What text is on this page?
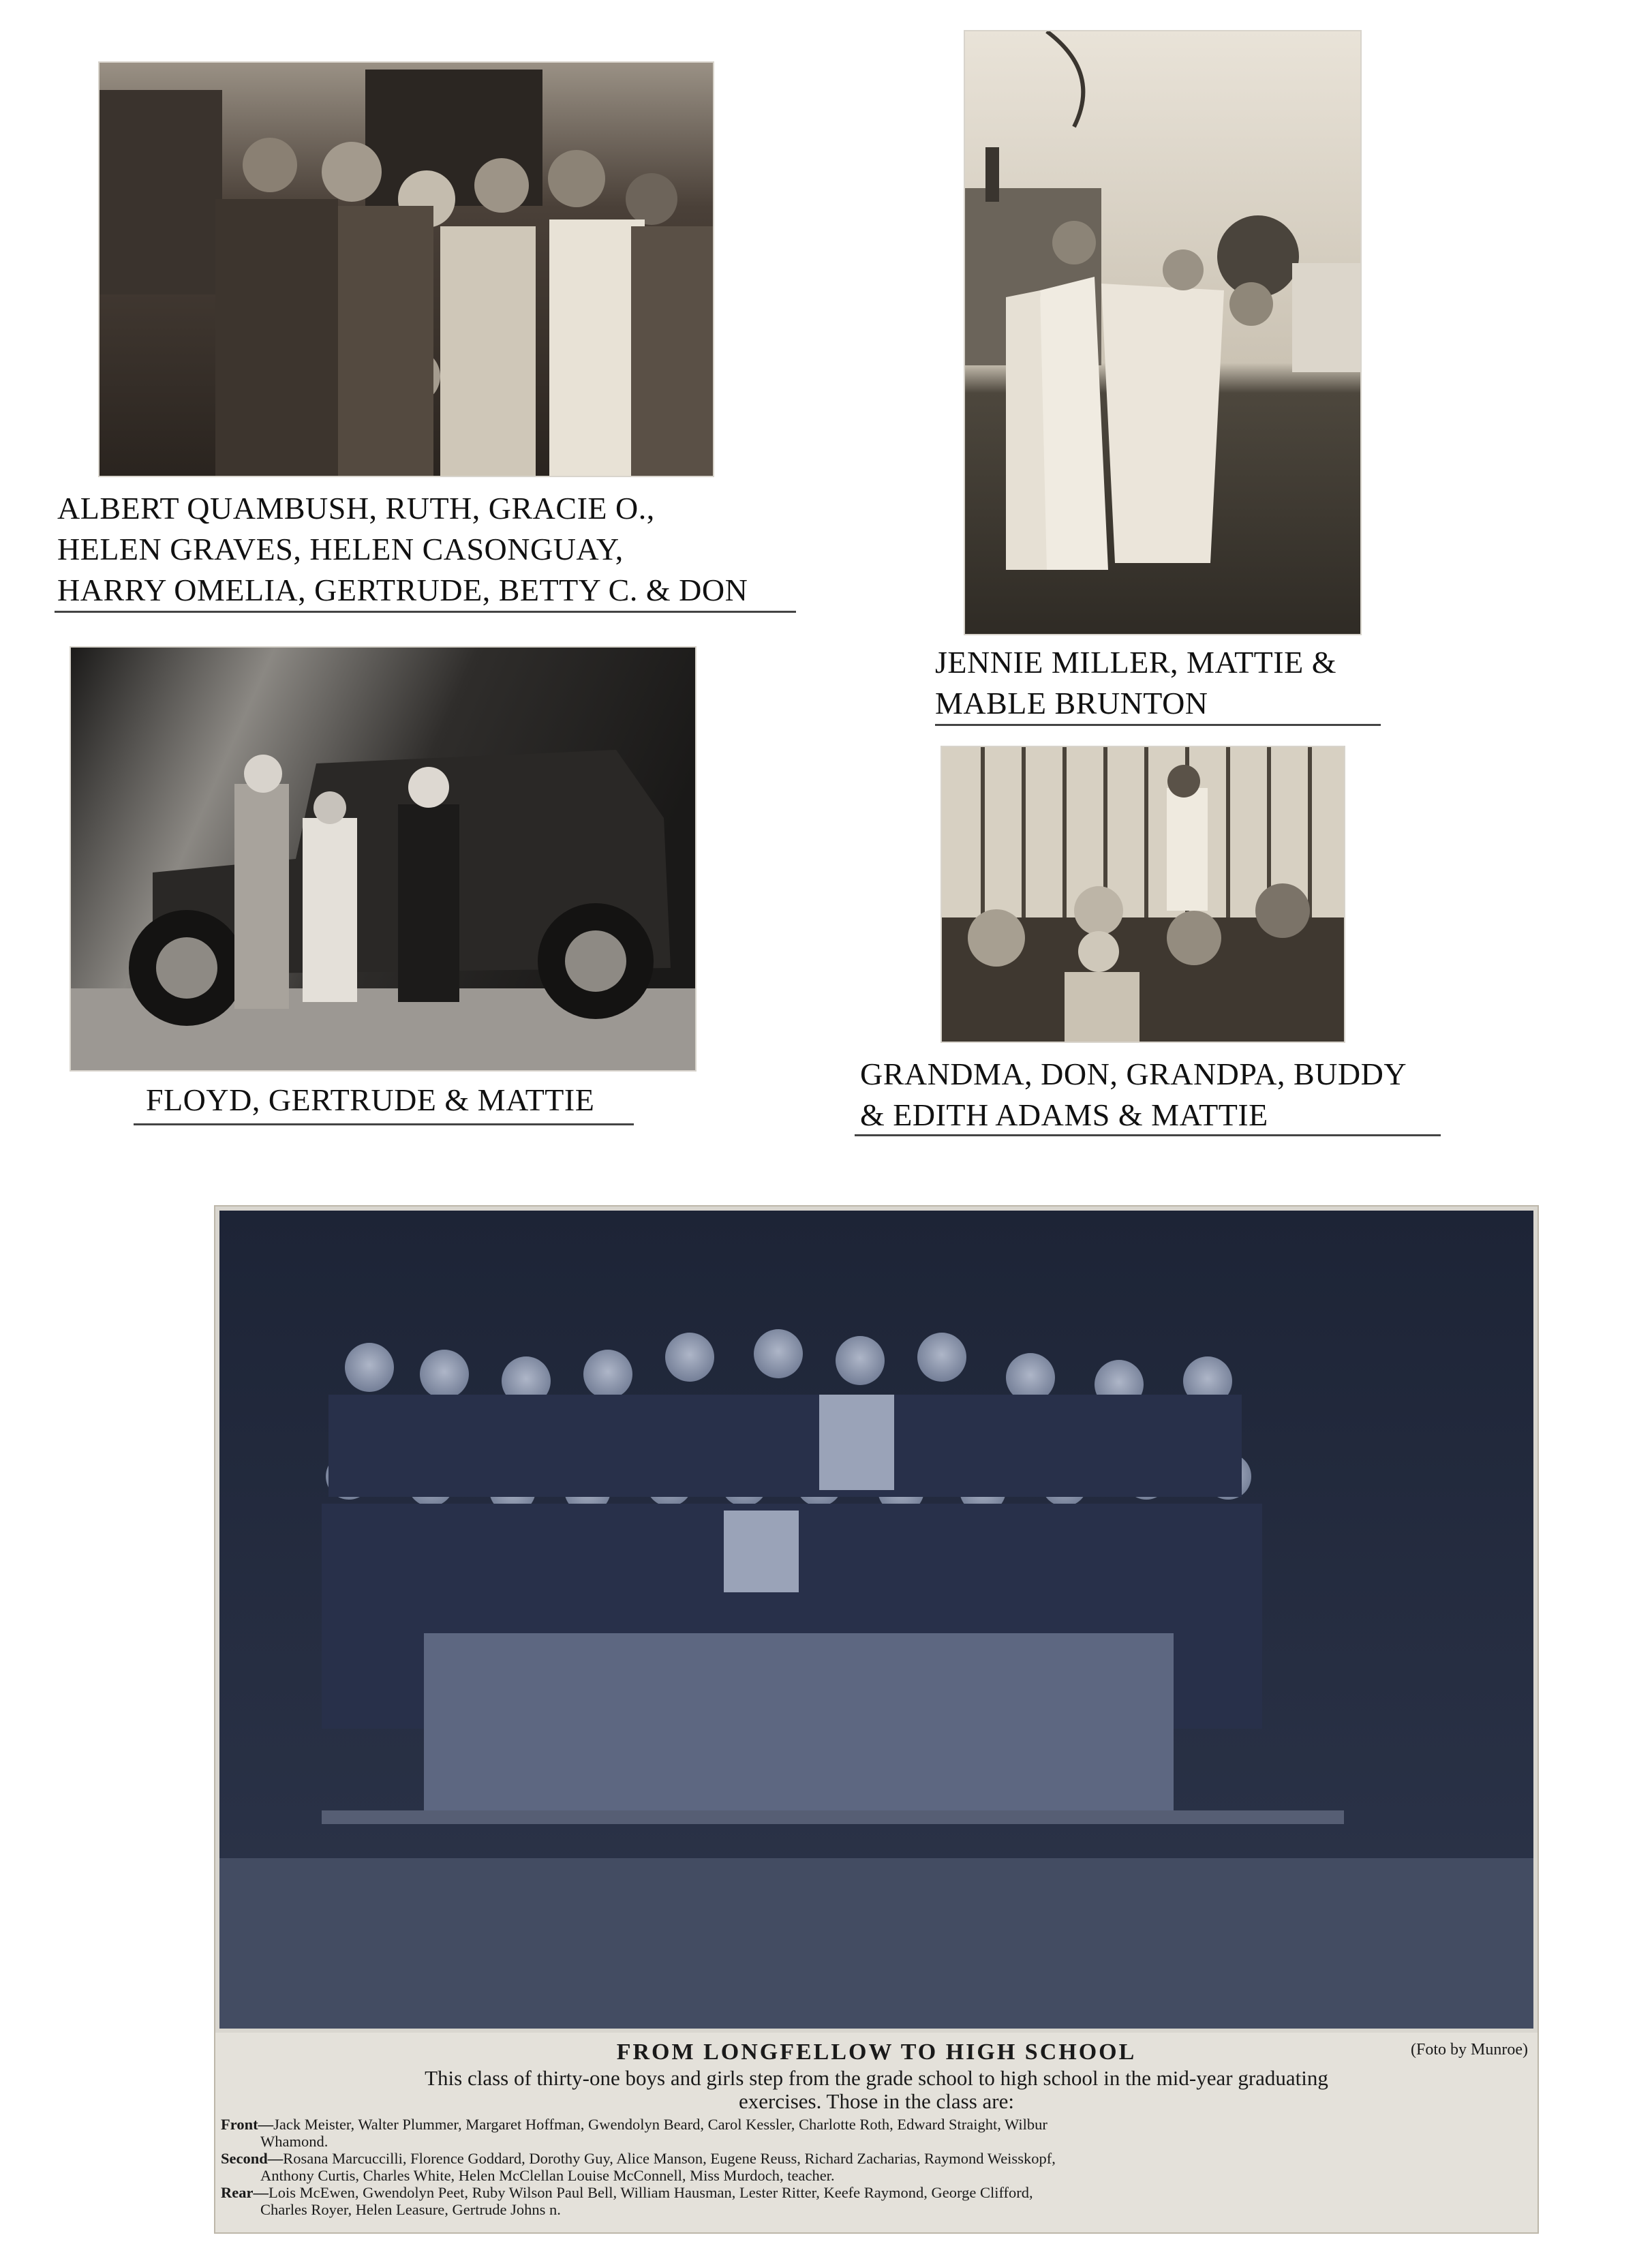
ALBERT QUAMBUSH, RUTH, GRACIE O.,
HELEN GRAVES, HELEN CASONGUAY,
HARRY OMELIA, GERTRUDE, BETTY C. & DON
JENNIE MILLER, MATTIE &
MABLE BRUNTON
FLOYD, GERTRUDE & MATTIE
GRANDMA, DON, GRANDPA, BUDDY
& EDITH ADAMS & MATTIE
FROM LONGFELLOW TO HIGH SCHOOL	(Foto by Munroe)
This class of thirty-one boys and girls step from the grade school to high school in the mid-year graduating
exercises. Those in the class are:
Front—Jack Meister, Walter Plummer, Margaret Hoffman, Gwendolyn Beard, Carol Kessler, Charlotte Roth, Edward Straight, Wilbur
Whamond.
Second—Rosana Marcuccilli, Florence Goddard, Dorothy Guy, Alice Manson, Eugene Reuss, Richard Zacharias, Raymond Weisskopf,
Anthony Curtis, Charles White, Helen McClellan Louise McConnell, Miss Murdoch, teacher.
Rear—Lois McEwen, Gwendolyn Peet, Ruby Wilson Paul Bell, William Hausman, Lester Ritter, Keefe Raymond, George Clifford,
Charles Royer, Helen Leasure, Gertrude Johns n.
